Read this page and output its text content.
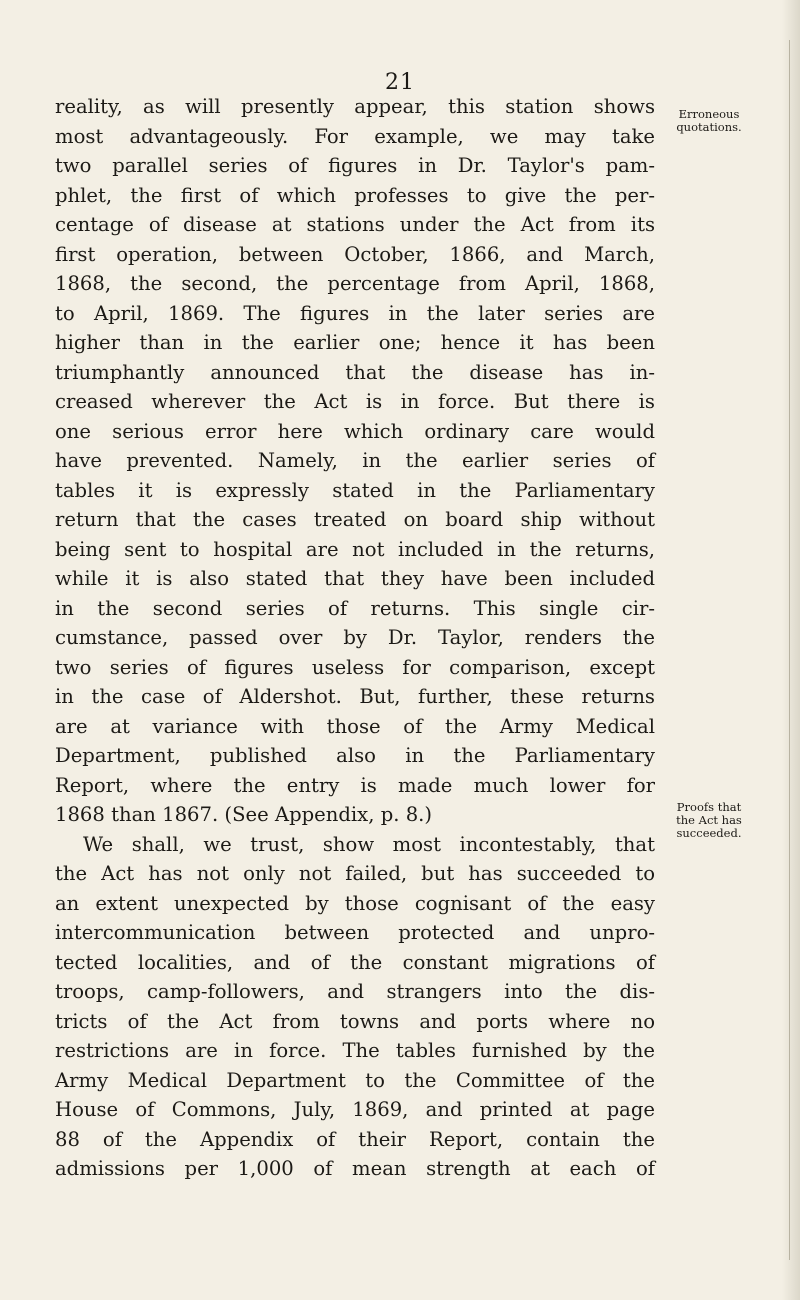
21
reality, as will presently appear, this station shows
most advantageously. For example, we may take
two parallel series of figures in Dr. Taylor's pam-
phlet, the first of which professes to give the per-
centage of disease at stations under the Act from its
first operation, between October, 1866, and March,
1868, the second, the percentage from April, 1868,
to April, 1869. The figures in the later series are
higher than in the earlier one; hence it has been
triumphantly announced that the disease has in-
creased wherever the Act is in force. But there is
one serious error here which ordinary care would
have prevented. Namely, in the earlier series of
tables it is expressly stated in the Parliamentary
return that the cases treated on board ship without
being sent to hospital are not included in the returns,
while it is also stated that they have been included
in the second series of returns. This single cir-
cumstance, passed over by Dr. Taylor, renders the
two series of figures useless for comparison, except
in the case of Aldershot. But, further, these returns
are at variance with those of the Army Medical
Department, published also in the Parliamentary
Report, where the entry is made much lower for
1868 than 1867. (See Appendix, p. 8.)
We shall, we trust, show most incontestably, that
the Act has not only not failed, but has succeeded to
an extent unexpected by those cognisant of the easy
intercommunication between protected and unpro-
tected localities, and of the constant migrations of
troops, camp-followers, and strangers into the dis-
tricts of the Act from towns and ports where no
restrictions are in force. The tables furnished by the
Army Medical Department to the Committee of the
House of Commons, July, 1869, and printed at page
88 of the Appendix of their Report, contain the
admissions per 1,000 of mean strength at each of
Erroneous
quotations.
Proofs that
the Act has
succeeded.
